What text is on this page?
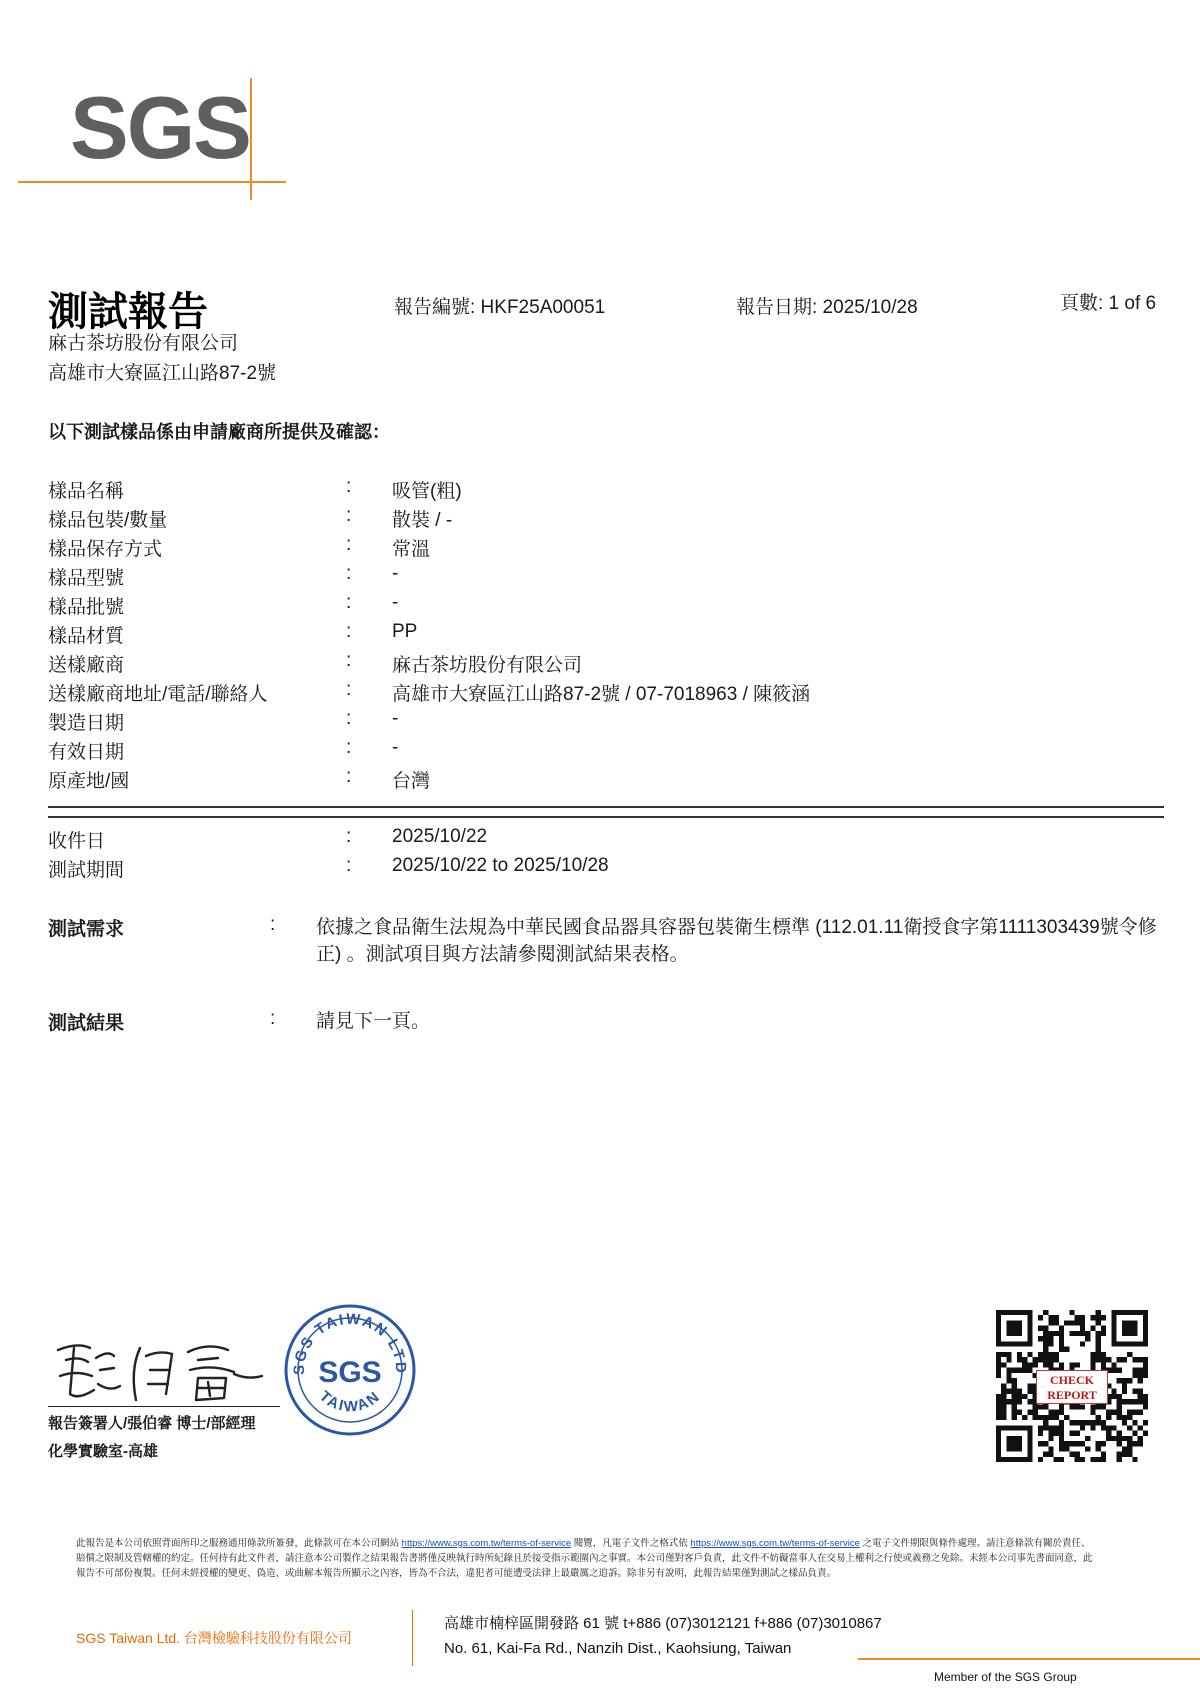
SGS
測試報告	報告編號: HKF25A00051	報告日期: 2025/10/28	頁數: 1 of 6
麻古茶坊股份有限公司
高雄市大寮區江山路87-2號
以下測試樣品係由申請廠商所提供及確認：
樣品名稱	: 吸管(粗)
樣品包裝/數量	: 散裝 / -
樣品保存方式	: 常溫
樣品型號	: -
樣品批號	: -
樣品材質	: PP
送樣廠商	: 麻古茶坊股份有限公司
送樣廠商地址/電話/聯絡人	: 高雄市大寮區江山路87-2號 / 07-7018963 / 陳筱涵
製造日期	: -
有效日期	: -
原產地/國	: 台灣
收件日	: 2025/10/22
測試期間	: 2025/10/22 to 2025/10/28
測試需求	: 依據之食品衛生法規為中華民國食品器具容器包裝衛生標準 (112.01.11衛授食字第1111303439號令修正) 。測試項目與方法請參閱測試結果表格。
測試結果	: 請見下一頁。
報告簽署人/張伯睿 博士/部經理
化學實驗室-高雄
SGS TAIWAN LTD
SGS
TAIWAN
CHECK
REPORT
此報告是本公司依照背面所印之服務通用條款所簽發，此條款可在本公司網站 https://www.sgs.com.tw/terms-of-service 閱覽，凡電子文件之格式依 https://www.sgs.com.tw/terms-of-service 之電子文件期限與條件處理。請注意條款有關於責任、賠償之限制及管轄權的約定。任何持有此文件者，請注意本公司製作之結果報告書將僅反映執行時所紀錄且於接受指示範圍內之事實。本公司僅對客戶負責，此文件不妨礙當事人在交易上權利之行使或義務之免除。未經本公司事先書面同意，此報告不可部份複製。任何未經授權的變更、偽造、或曲解本報告所顯示之內容，皆為不合法，違犯者可能遭受法律上最嚴厲之追訴。除非另有說明，此報告結果僅對測試之樣品負責。
SGS Taiwan Ltd. 台灣檢驗科技股份有限公司
高雄市楠梓區開發路 61 號 t+886 (07)3012121 f+886 (07)3010867
No. 61, Kai-Fa Rd., Nanzih Dist., Kaohsiung, Taiwan
Member of the SGS Group
